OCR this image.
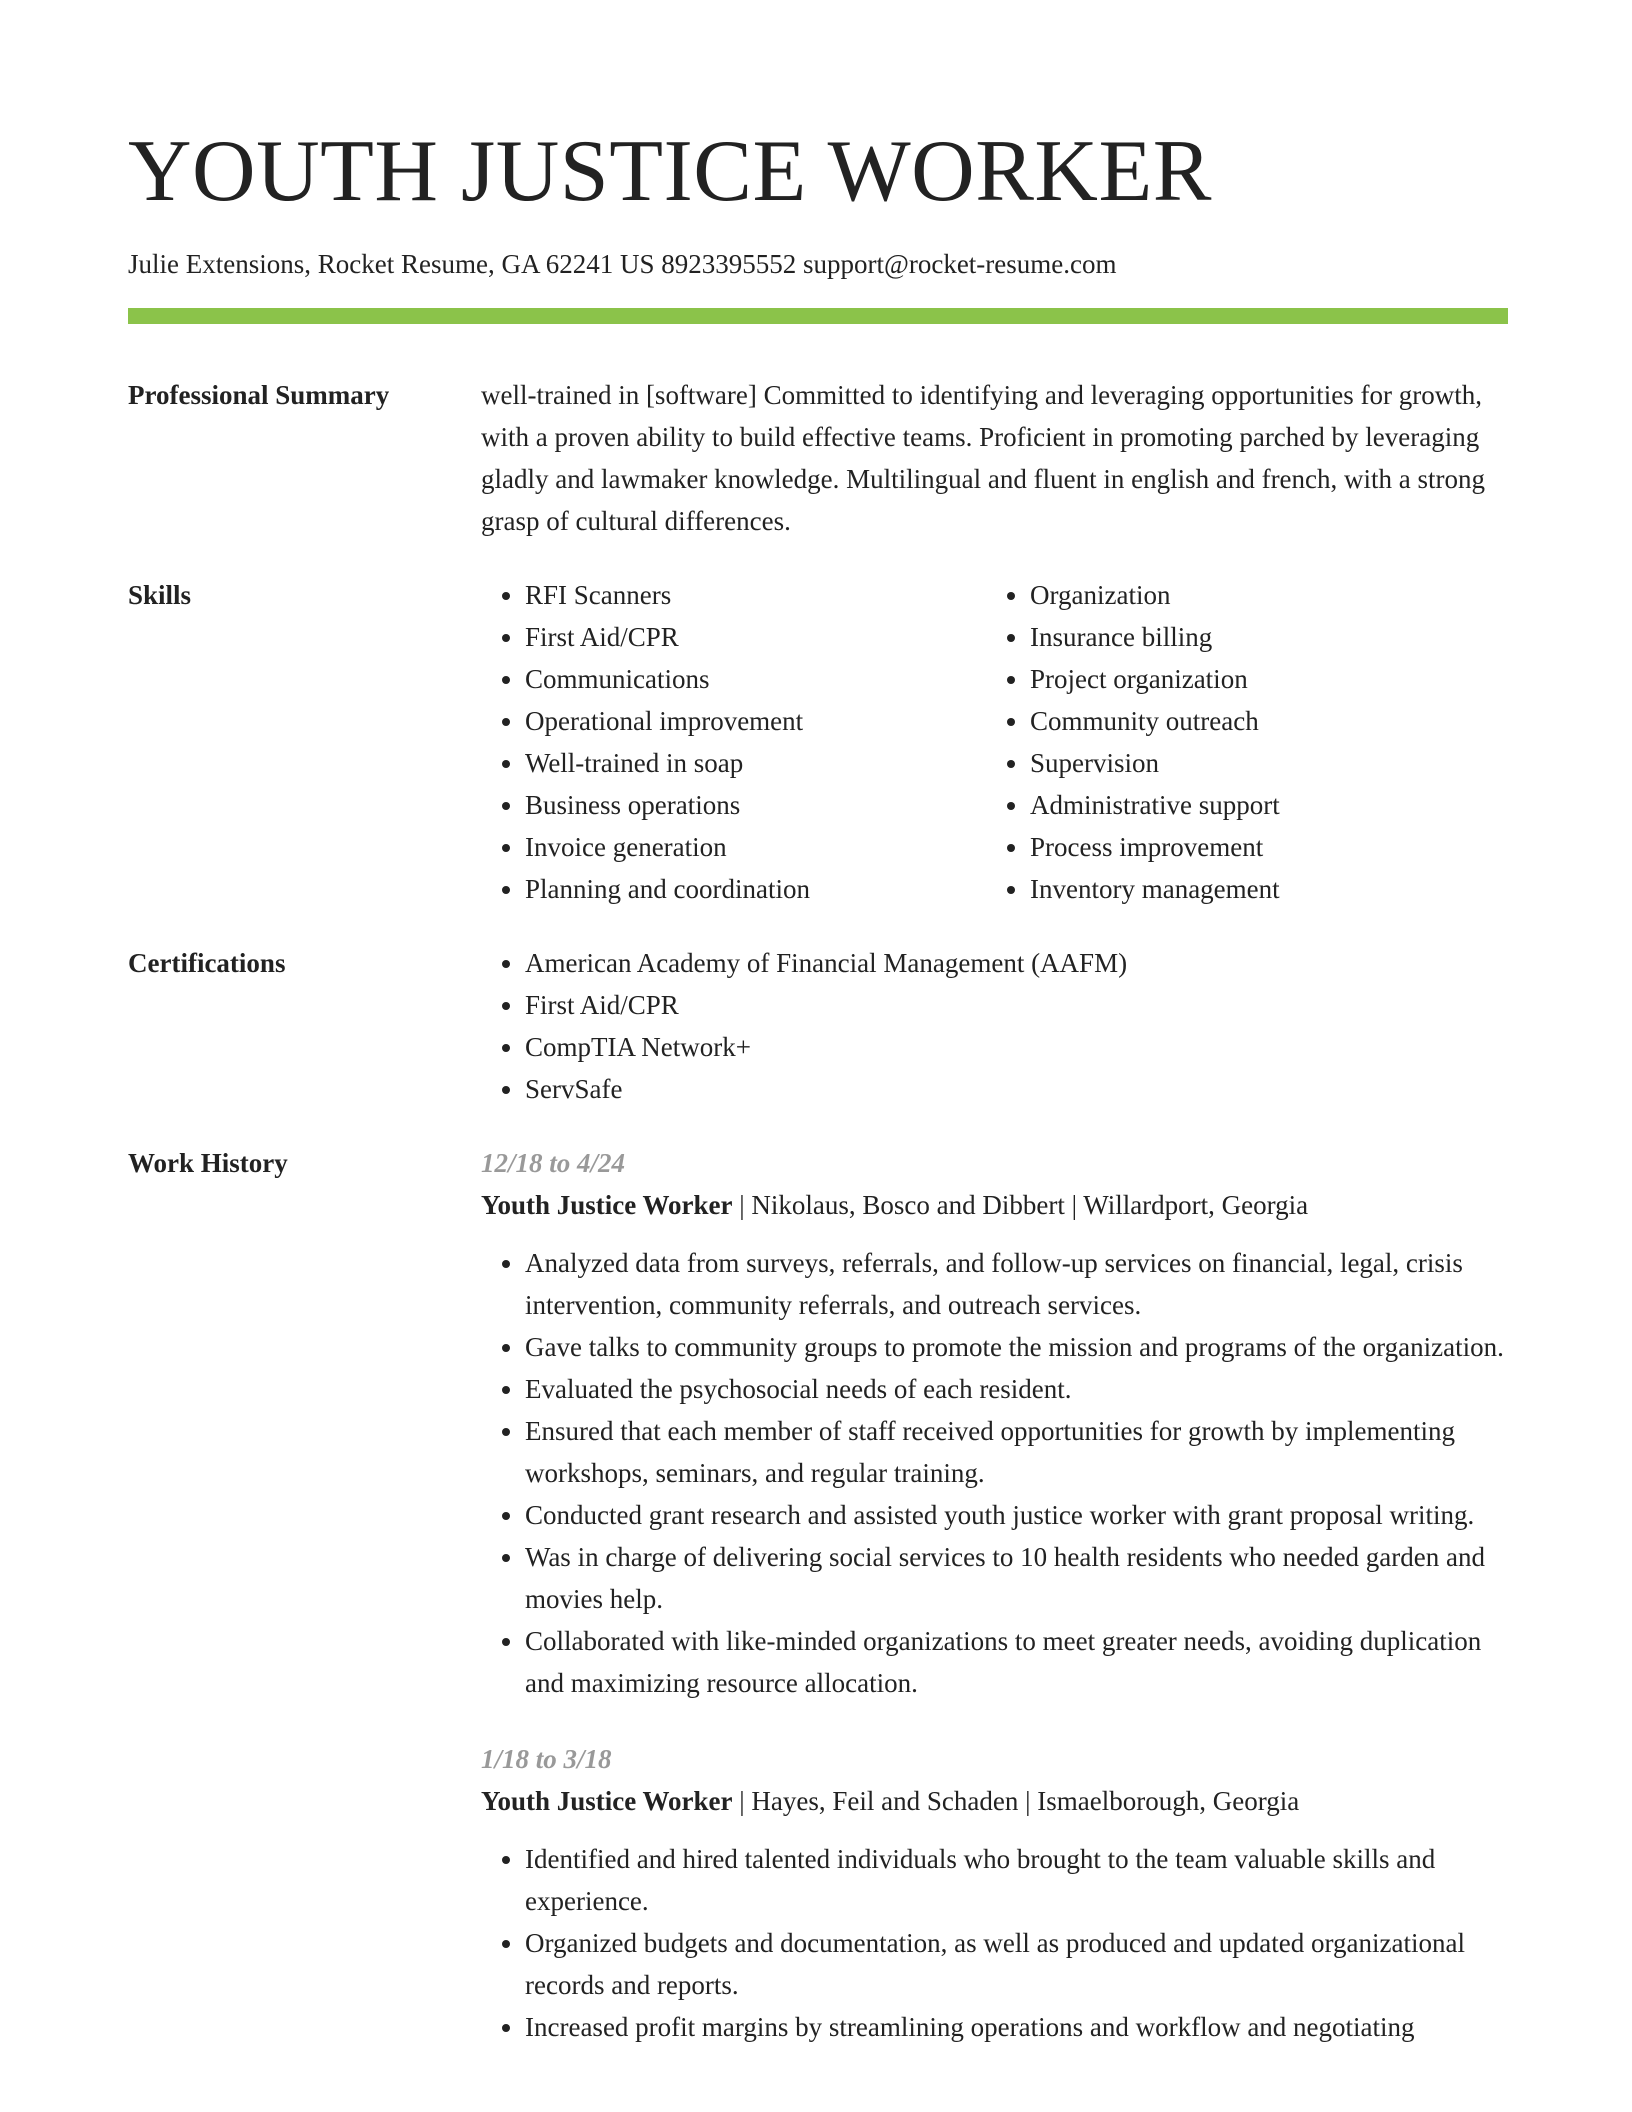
YOUTH JUSTICE WORKER
Julie Extensions, Rocket Resume, GA 62241 US 8923395552 support@rocket-resume.com
Professional Summary	well-trained in [software] Committed to identifying and leveraging opportunities for growth, with a proven ability to build effective teams. Proficient in promoting parched by leveraging gladly and lawmaker knowledge. Multilingual and fluent in english and french, with a strong grasp of cultural differences.

Skills	• RFI Scanners
• First Aid/CPR
• Communications
• Operational improvement
• Well-trained in soap
• Business operations
• Invoice generation
• Planning and coordination
• Organization
• Insurance billing
• Project organization
• Community outreach
• Supervision
• Administrative support
• Process improvement
• Inventory management
Certifications	• American Academy of Financial Management (AAFM)
• First Aid/CPR
• CompTIA Network+
• ServSafe
Work History	12/18 to 4/24
Youth Justice Worker | Nikolaus, Bosco and Dibbert | Willardport, Georgia
• Analyzed data from surveys, referrals, and follow-up services on financial, legal, crisis intervention, community referrals, and outreach services.
• Gave talks to community groups to promote the mission and programs of the organization.
• Evaluated the psychosocial needs of each resident.
• Ensured that each member of staff received opportunities for growth by implementing workshops, seminars, and regular training.
• Conducted grant research and assisted youth justice worker with grant proposal writing.
• Was in charge of delivering social services to 10 health residents who needed garden and movies help.
• Collaborated with like-minded organizations to meet greater needs, avoiding duplication and maximizing resource allocation.
1/18 to 3/18
Youth Justice Worker | Hayes, Feil and Schaden | Ismaelborough, Georgia
• Identified and hired talented individuals who brought to the team valuable skills and experience.
• Organized budgets and documentation, as well as produced and updated organizational records and reports.
• Increased profit margins by streamlining operations and workflow and negotiating
